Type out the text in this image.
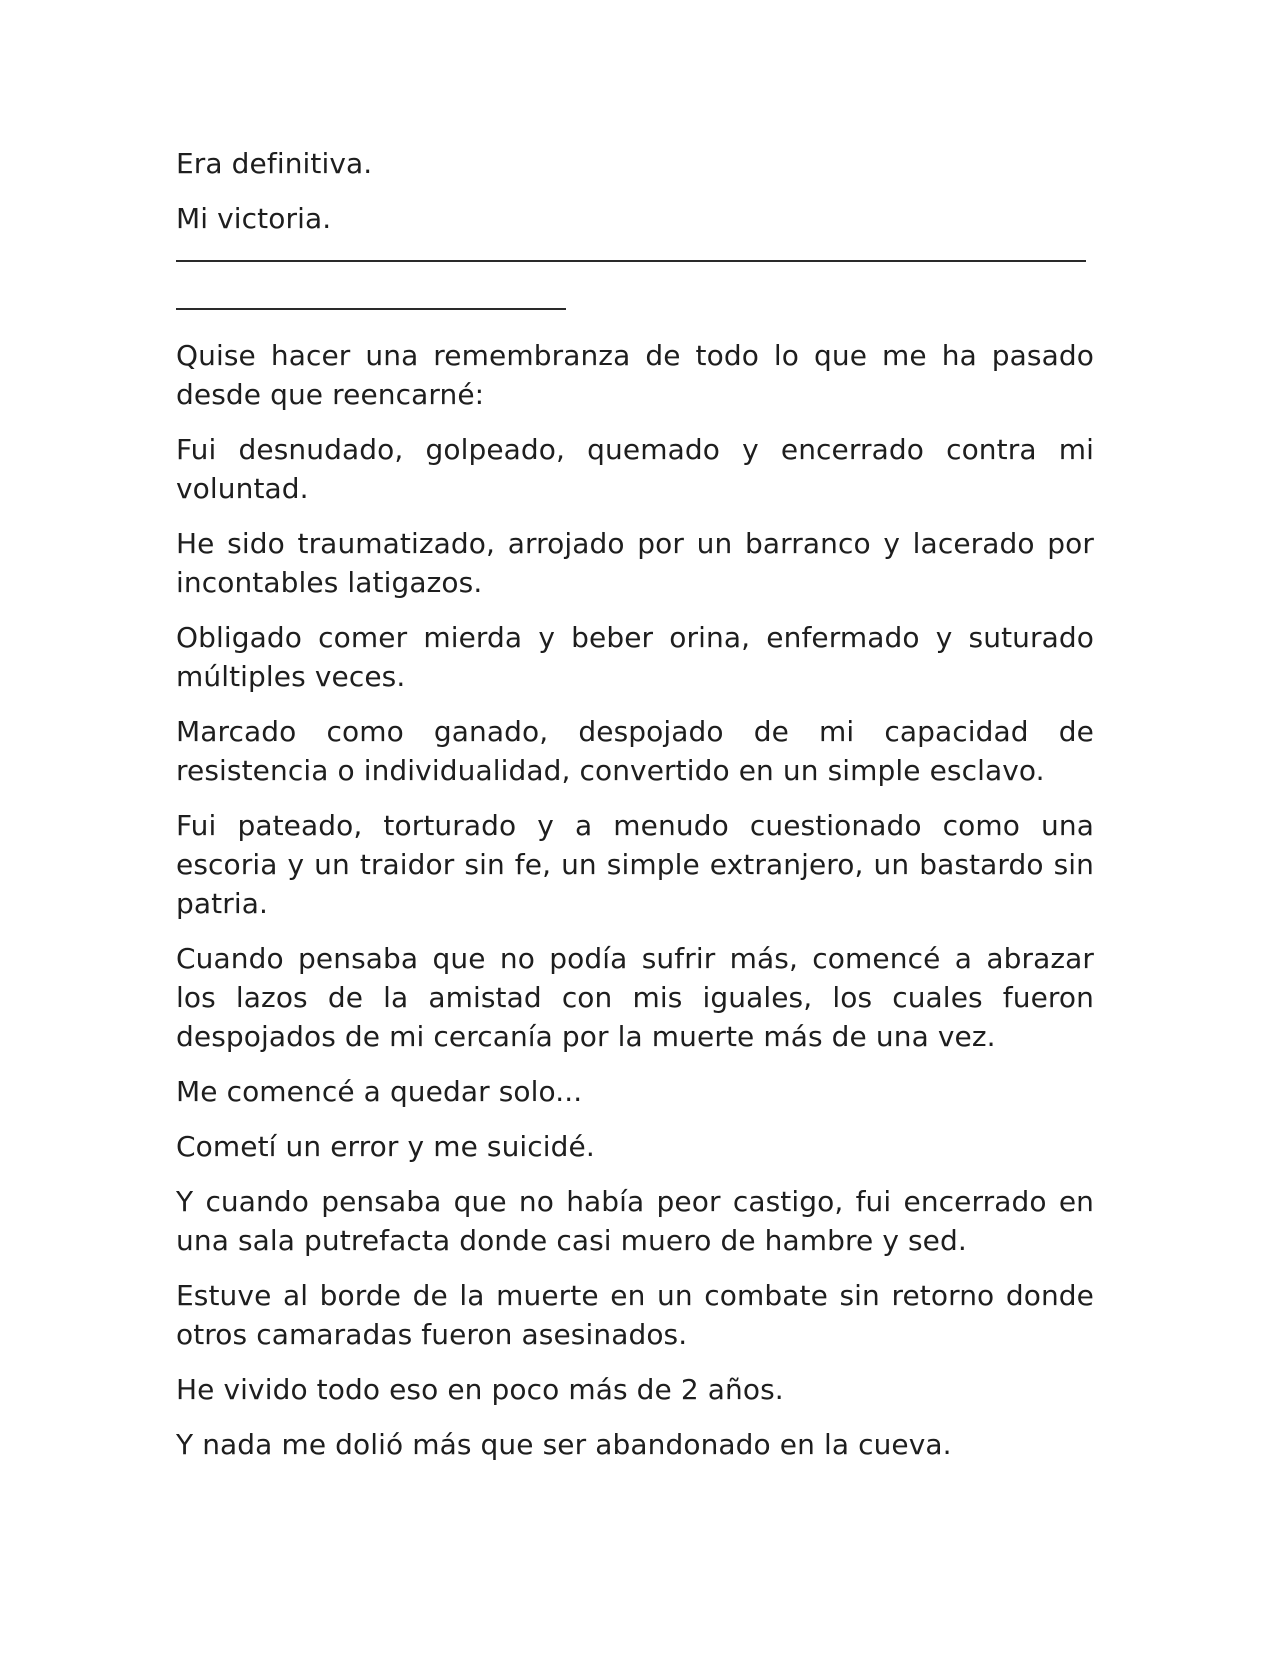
Era definitiva.

Mi victoria.

Quise hacer una remembranza de todo lo que me ha pasado desde que reencarné:

Fui desnudado, golpeado, quemado y encerrado contra mi voluntad.

He sido traumatizado, arrojado por un barranco y lacerado por incontables latigazos.

Obligado comer mierda y beber orina, enfermado y suturado múltiples veces.

Marcado como ganado, despojado de mi capacidad de resistencia o individualidad, convertido en un simple esclavo.

Fui pateado, torturado y a menudo cuestionado como una escoria y un traidor sin fe, un simple extranjero, un bastardo sin patria.

Cuando pensaba que no podía sufrir más, comencé a abrazar los lazos de la amistad con mis iguales, los cuales fueron despojados de mi cercanía por la muerte más de una vez.

Me comencé a quedar solo...

Cometí un error y me suicidé.

Y cuando pensaba que no había peor castigo, fui encerrado en una sala putrefacta donde casi muero de hambre y sed.

Estuve al borde de la muerte en un combate sin retorno donde otros camaradas fueron asesinados.

He vivido todo eso en poco más de 2 años.

Y nada me dolió más que ser abandonado en la cueva.
